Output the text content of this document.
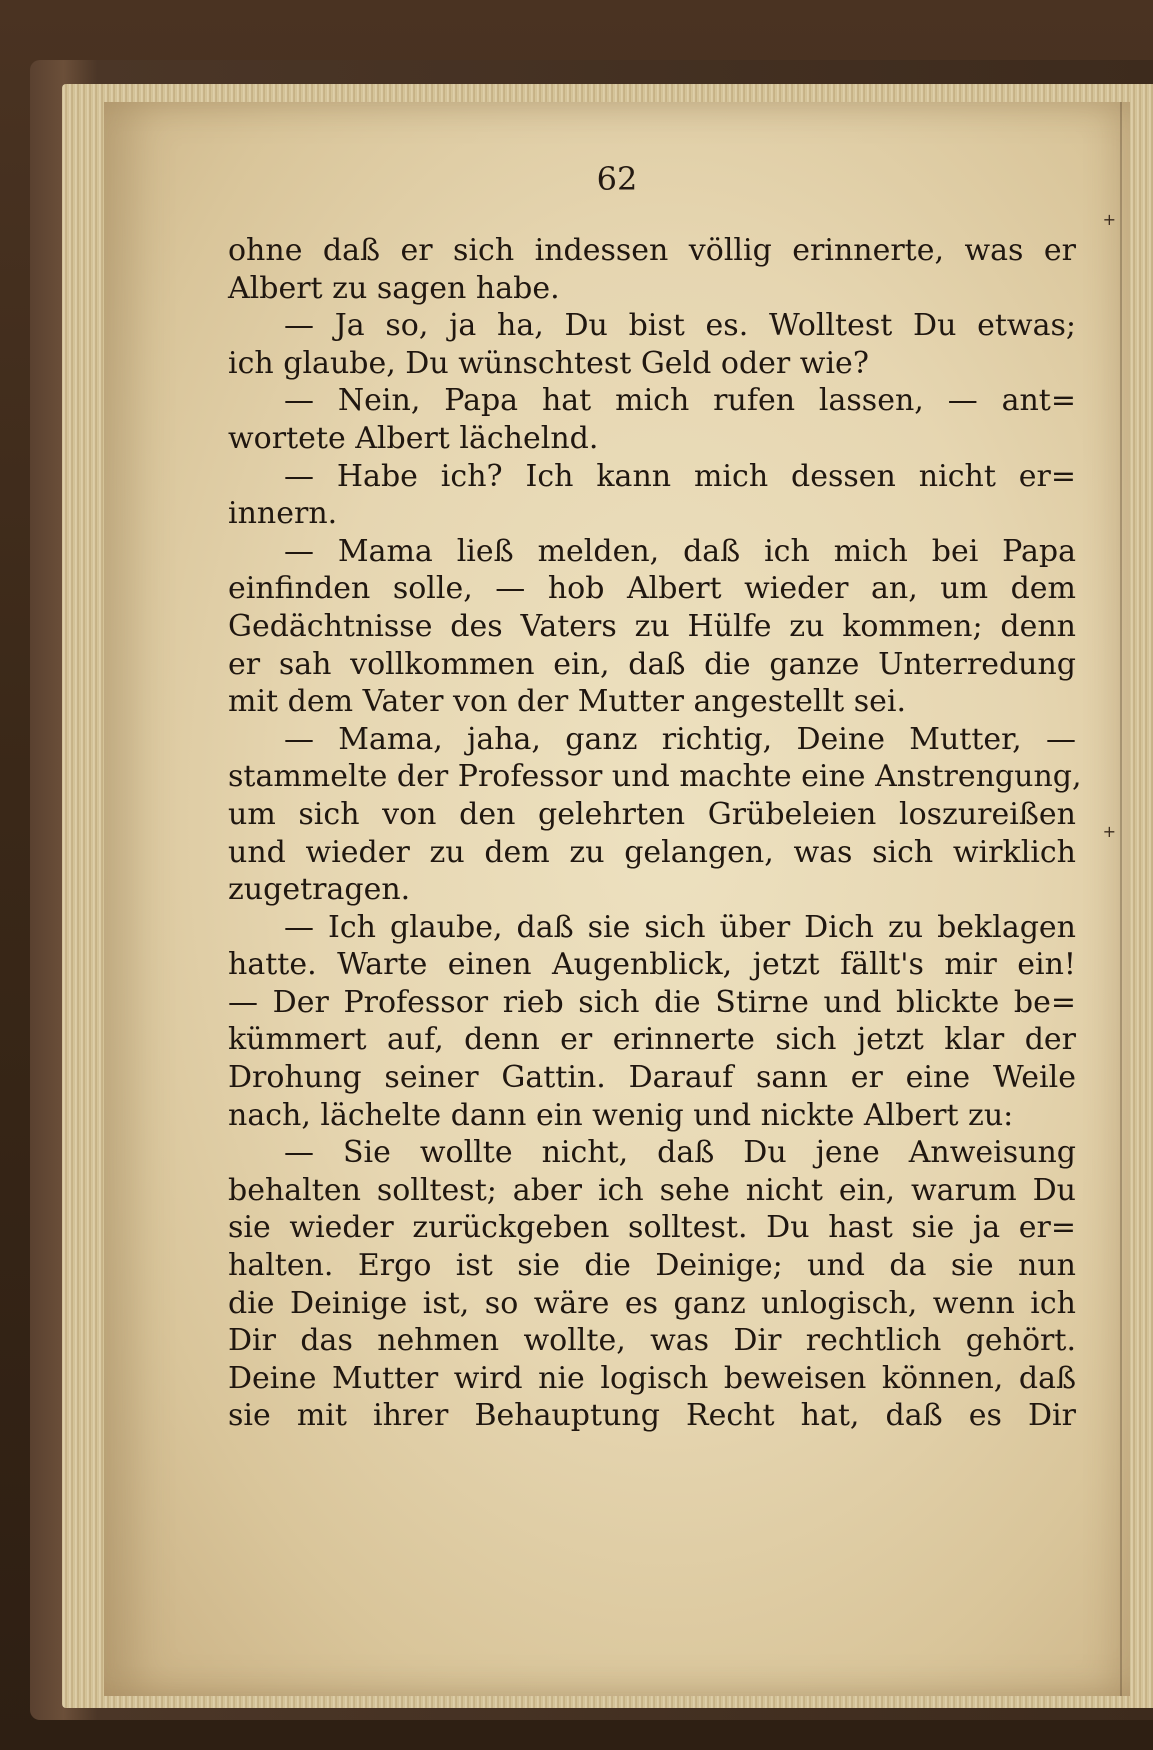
+
+

62

ohne daß er sich indessen völlig erinnerte, was er
Albert zu sagen habe.
— Ja so, ja ha, Du bist es. Wolltest Du etwas;
ich glaube, Du wünschtest Geld oder wie?
— Nein, Papa hat mich rufen lassen, — ant=
wortete Albert lächelnd.
— Habe ich? Ich kann mich dessen nicht er=
innern.
— Mama ließ melden, daß ich mich bei Papa
einfinden solle, — hob Albert wieder an, um dem
Gedächtnisse des Vaters zu Hülfe zu kommen; denn
er sah vollkommen ein, daß die ganze Unterredung
mit dem Vater von der Mutter angestellt sei.
— Mama, jaha, ganz richtig, Deine Mutter, —
stammelte der Professor und machte eine Anstrengung,
um sich von den gelehrten Grübeleien loszureißen
und wieder zu dem zu gelangen, was sich wirklich
zugetragen.
— Ich glaube, daß sie sich über Dich zu beklagen
hatte. Warte einen Augenblick, jetzt fällt's mir ein!
— Der Professor rieb sich die Stirne und blickte be=
kümmert auf, denn er erinnerte sich jetzt klar der
Drohung seiner Gattin. Darauf sann er eine Weile
nach, lächelte dann ein wenig und nickte Albert zu:
— Sie wollte nicht, daß Du jene Anweisung
behalten solltest; aber ich sehe nicht ein, warum Du
sie wieder zurückgeben solltest. Du hast sie ja er=
halten. Ergo ist sie die Deinige; und da sie nun
die Deinige ist, so wäre es ganz unlogisch, wenn ich
Dir das nehmen wollte, was Dir rechtlich gehört.
Deine Mutter wird nie logisch beweisen können, daß
sie mit ihrer Behauptung Recht hat, daß es Dir
